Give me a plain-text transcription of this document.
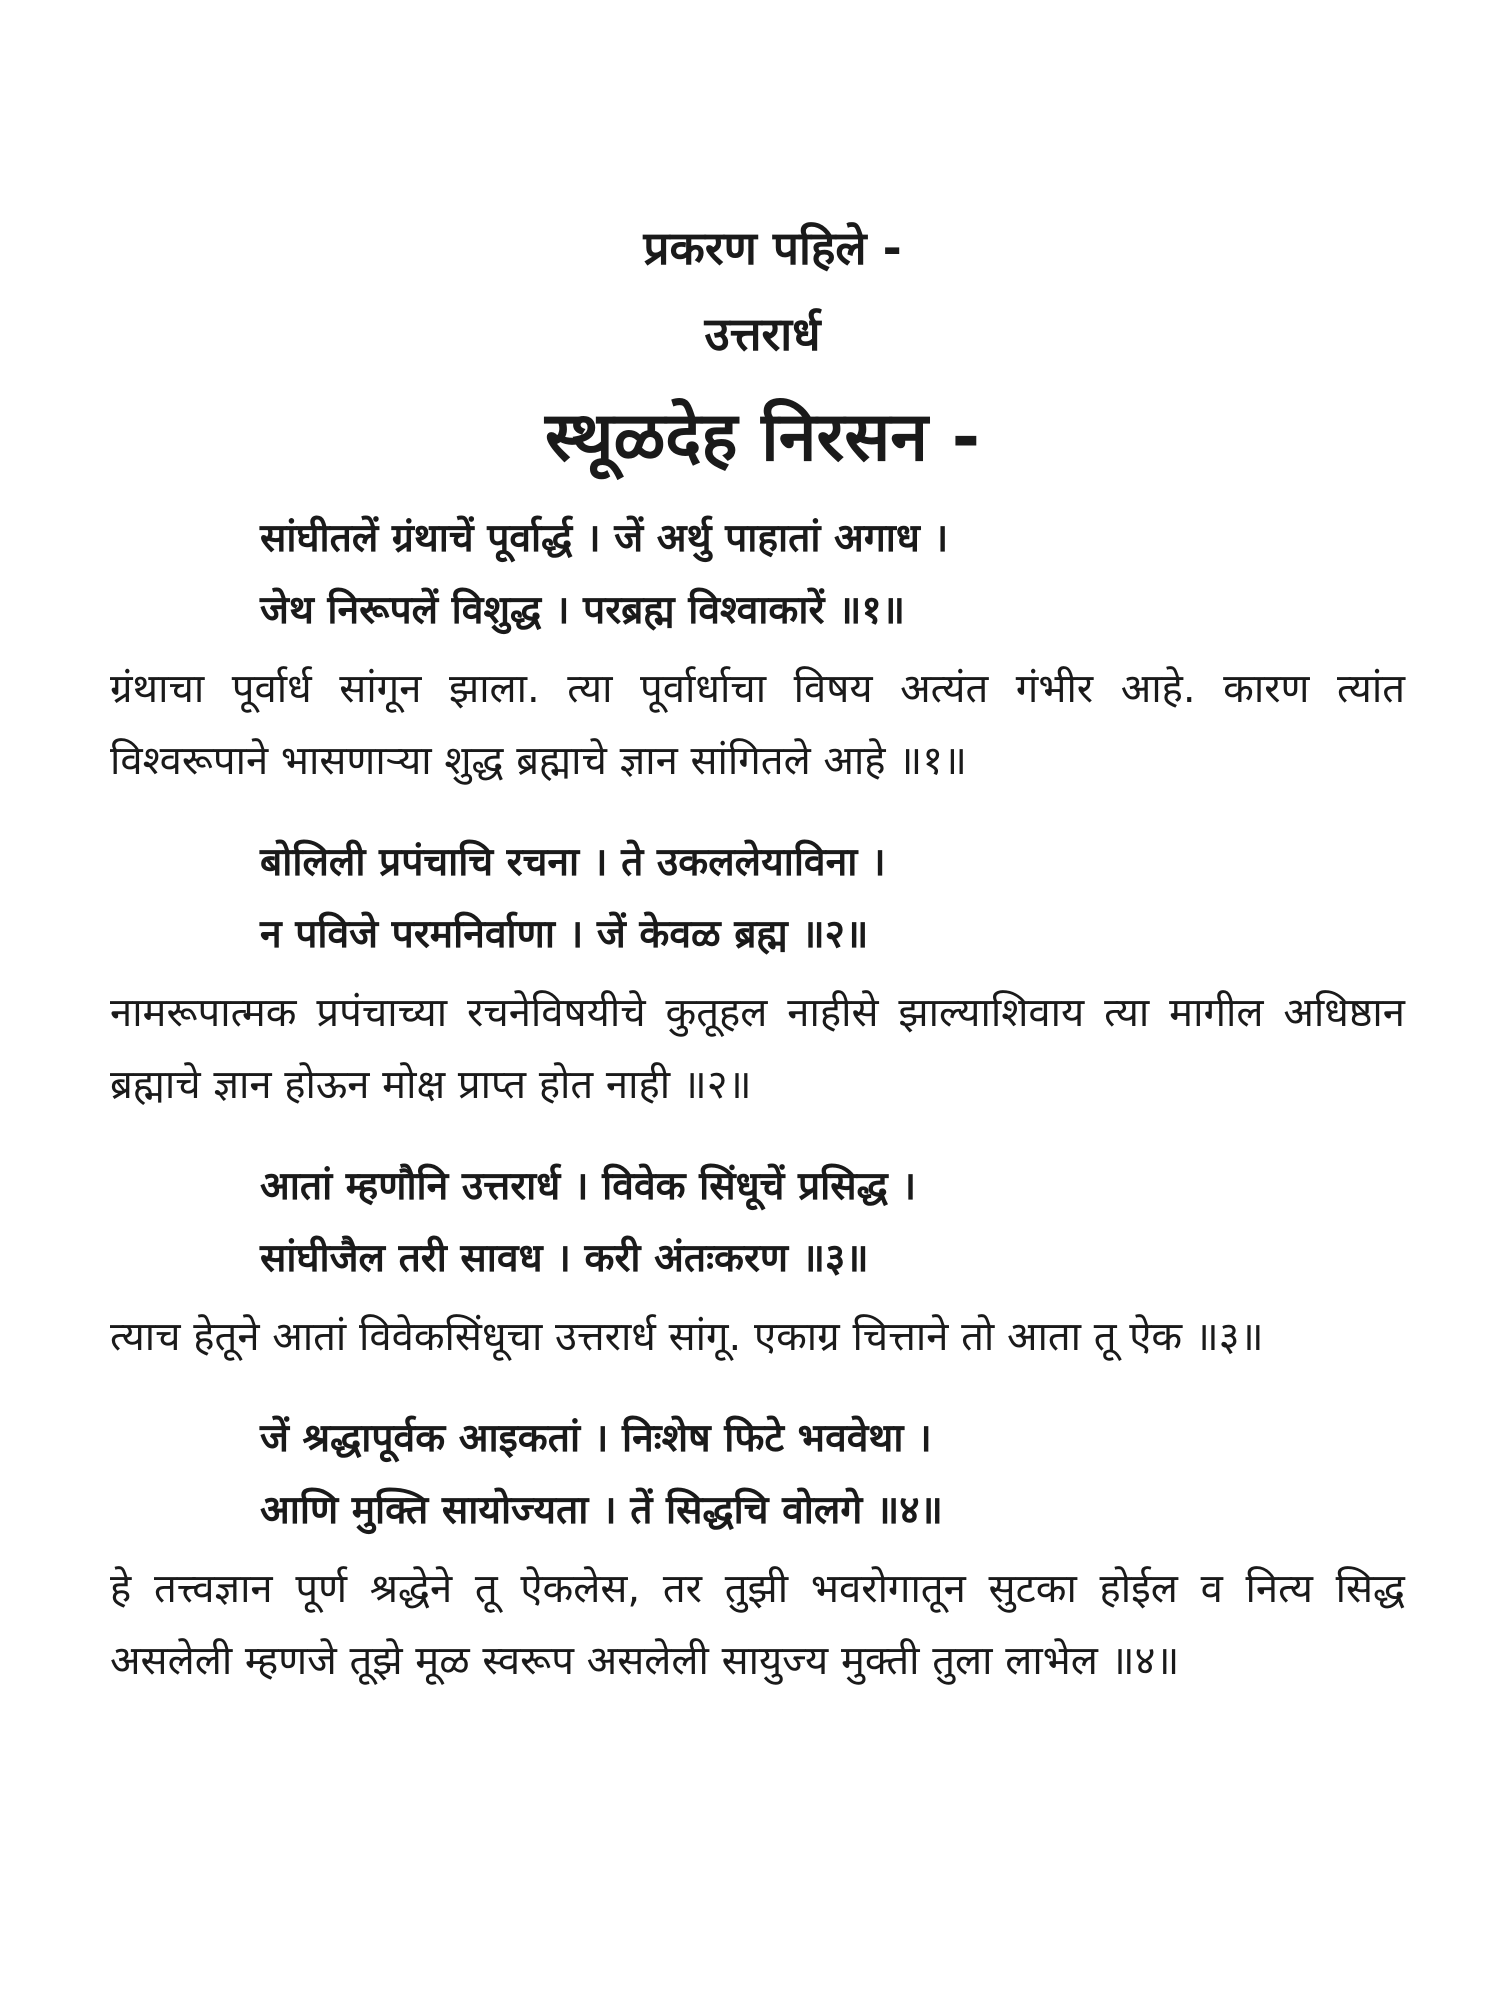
प्रकरण पहिले -
उत्तरार्ध
स्थूळदेह निरसन -
सांघीतलें ग्रंथाचें पूर्वार्द्ध । जें अर्थु पाहातां अगाध ।
जेथ निरूपलें विशुद्ध । परब्रह्म विश्वाकारें ॥१॥

ग्रंथाचा पूर्वार्ध सांगून झाला. त्या पूर्वार्धाचा विषय अत्यंत गंभीर आहे. कारण त्यांत विश्वरूपाने भासणाऱ्या शुद्ध ब्रह्माचे ज्ञान सांगितले आहे ॥१॥

बोलिली प्रपंचाचि रचना । ते उकललेयाविना ।
न पविजे परमनिर्वाणा । जें केवळ ब्रह्म ॥२॥

नामरूपात्मक प्रपंचाच्या रचनेविषयीचे कुतूहल नाहीसे झाल्याशिवाय त्या मागील अधिष्ठान ब्रह्माचे ज्ञान होऊन मोक्ष प्राप्त होत नाही ॥२॥

आतां म्हणौनि उत्तरार्ध । विवेक सिंधूचें प्रसिद्ध ।
सांघीजैल तरी सावध । करी अंतःकरण ॥३॥

त्याच हेतूने आतां विवेकसिंधूचा उत्तरार्ध सांगू. एकाग्र चित्ताने तो आता तू ऐक ॥३॥

जें श्रद्धापूर्वक आइकतां । निःशेष फिटे भववेथा ।
आणि मुक्ति सायोज्यता । तें सिद्धचि वोलगे ॥४॥

हे तत्त्वज्ञान पूर्ण श्रद्धेने तू ऐकलेस, तर तुझी भवरोगातून सुटका होईल व नित्य सिद्ध असलेली म्हणजे तूझे मूळ स्वरूप असलेली सायुज्य मुक्ती तुला लाभेल ॥४॥
